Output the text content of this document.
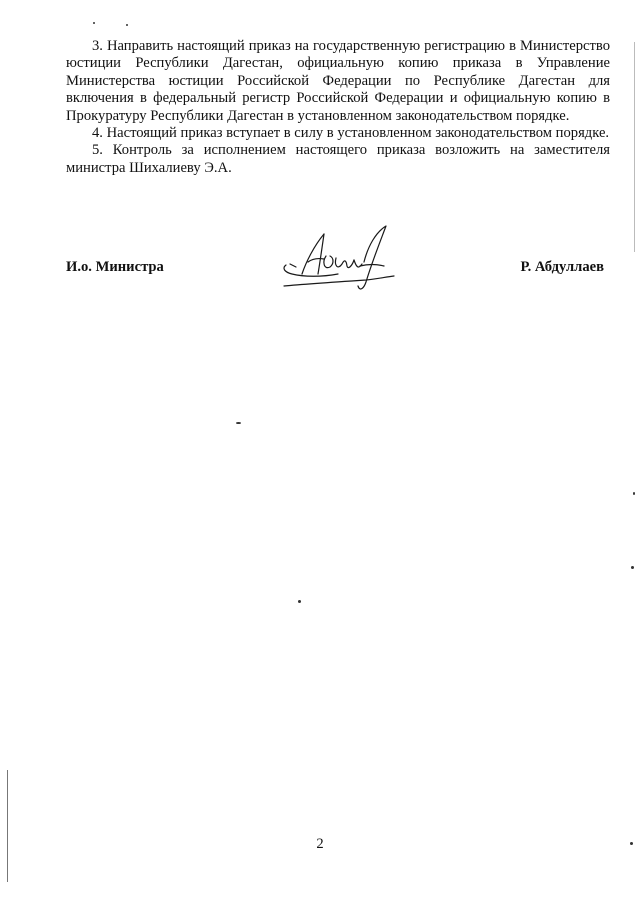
3. Направить настоящий приказ на государственную регистрацию в Министерство юстиции Республики Дагестан, официальную копию приказа в Управление Министерства юстиции Российской Федерации по Республике Дагестан для включения в федеральный регистр Российской Федерации и официальную копию в Прокуратуру Республики Дагестан в установленном законодательством порядке.

4. Настоящий приказ вступает в силу в установленном законодательством порядке.

5. Контроль за исполнением настоящего приказа возложить на заместителя министра Шихалиеву Э.А.

И.о. Министра	Р. Абдуллаев
2
